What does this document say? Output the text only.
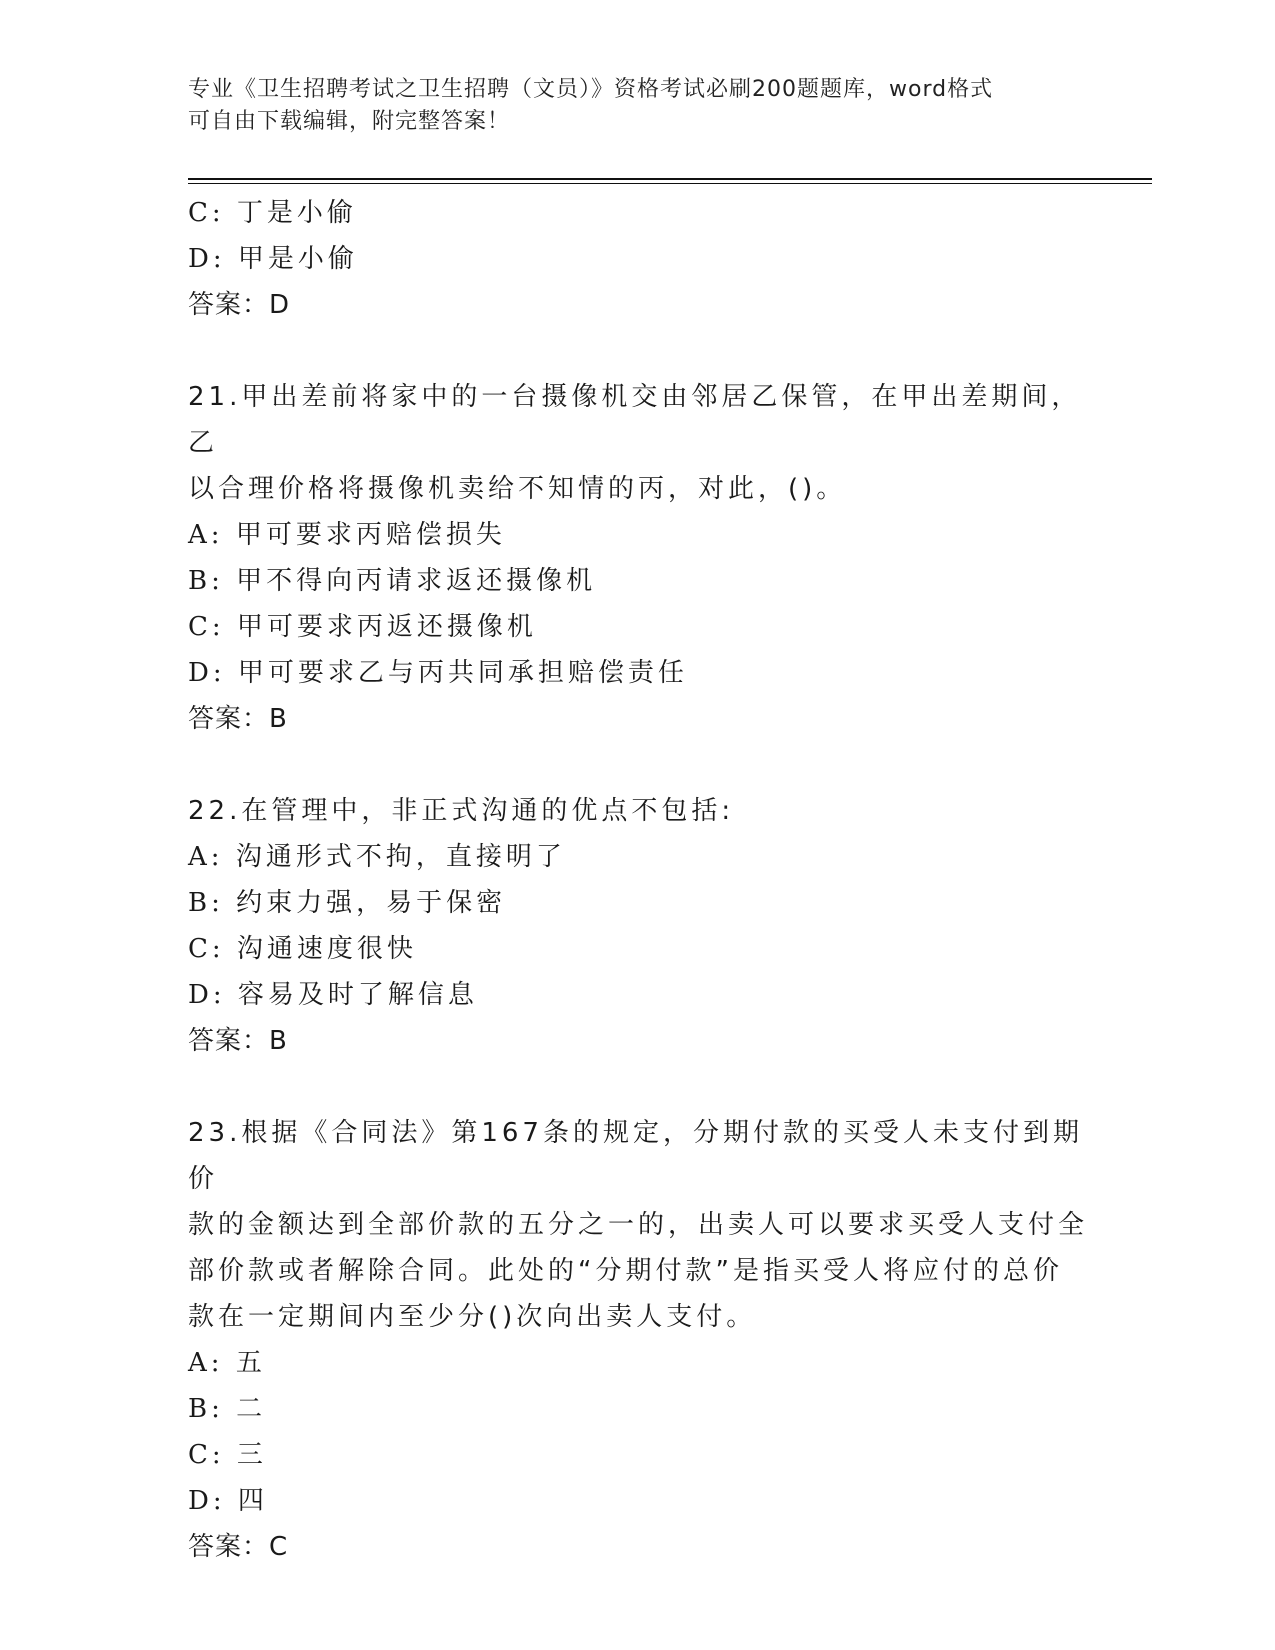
专业《卫生招聘考试之卫生招聘（文员）》资格考试必刷200题题库，word格式
可自由下载编辑，附完整答案！
C: 丁是小偷
D: 甲是小偷
答案：D
21.甲出差前将家中的一台摄像机交由邻居乙保管，在甲出差期间，乙
以合理价格将摄像机卖给不知情的丙，对此，()。
A: 甲可要求丙赔偿损失
B: 甲不得向丙请求返还摄像机
C: 甲可要求丙返还摄像机
D: 甲可要求乙与丙共同承担赔偿责任
答案：B
22.在管理中，非正式沟通的优点不包括:
A: 沟通形式不拘，直接明了
B: 约束力强，易于保密
C: 沟通速度很快
D: 容易及时了解信息
答案：B
23.根据《合同法》第167条的规定，分期付款的买受人未支付到期价
款的金额达到全部价款的五分之一的，出卖人可以要求买受人支付全
部价款或者解除合同。此处的“分期付款”是指买受人将应付的总价
款在一定期间内至少分()次向出卖人支付。
A: 五
B: 二
C: 三
D: 四
答案：C
